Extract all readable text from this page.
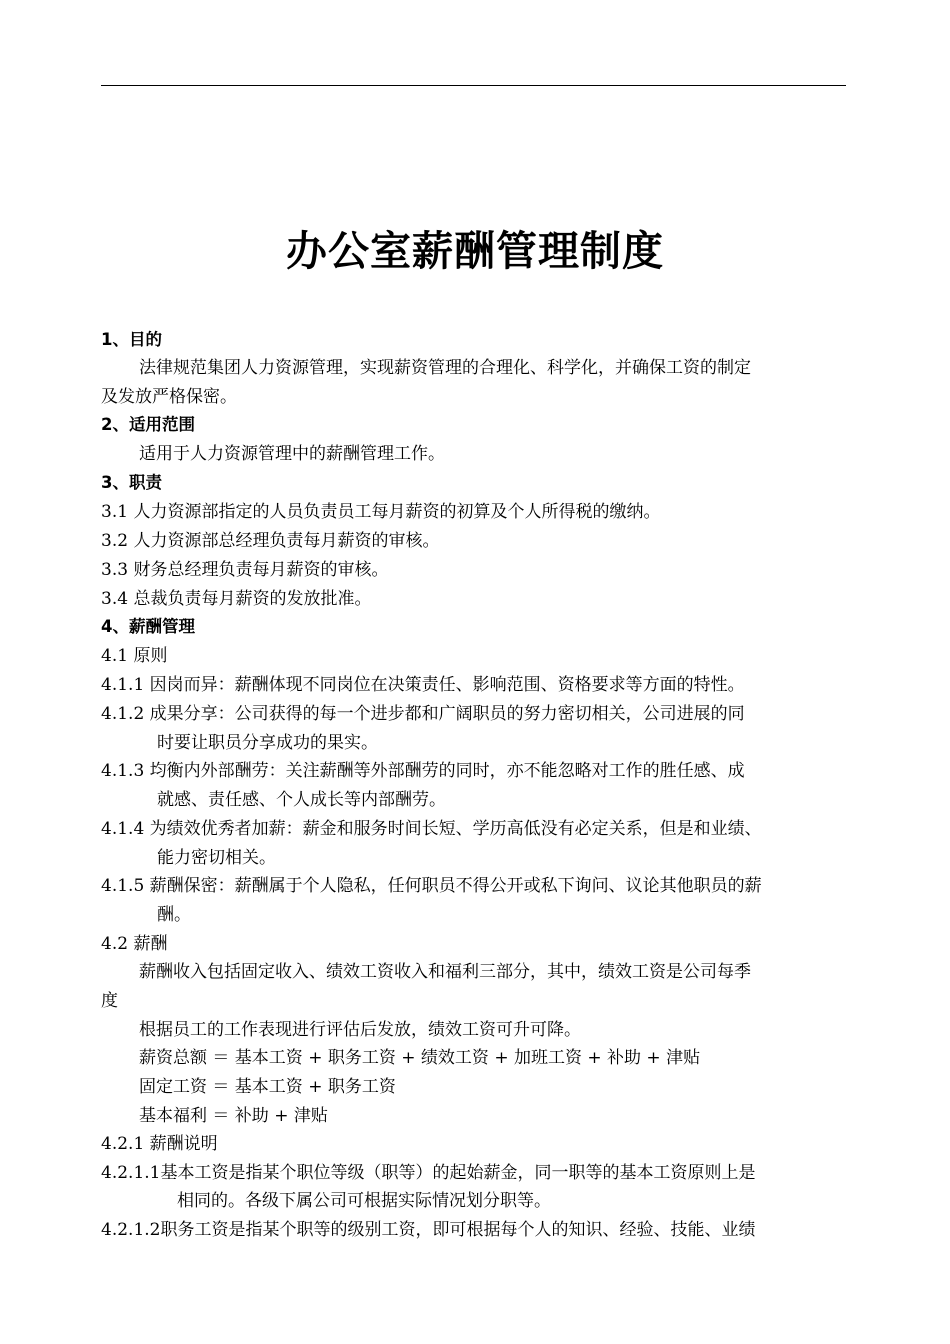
办公室薪酬管理制度
1、目的
法律规范集团人力资源管理，实现薪资管理的合理化、科学化，并确保工资的制定
及发放严格保密。
2、适用范围
适用于人力资源管理中的薪酬管理工作。
3、职责
3.1 人力资源部指定的人员负责员工每月薪资的初算及个人所得税的缴纳。
3.2 人力资源部总经理负责每月薪资的审核。
3.3 财务总经理负责每月薪资的审核。
3.4 总裁负责每月薪资的发放批准。
4、薪酬管理
4.1 原则
4.1.1 因岗而异：薪酬体现不同岗位在决策责任、影响范围、资格要求等方面的特性。
4.1.2 成果分享：公司获得的每一个进步都和广阔职员的努力密切相关，公司进展的同
时要让职员分享成功的果实。
4.1.3 均衡内外部酬劳：关注薪酬等外部酬劳的同时，亦不能忽略对工作的胜任感、成
就感、责任感、个人成长等内部酬劳。
4.1.4 为绩效优秀者加薪：薪金和服务时间长短、学历高低没有必定关系，但是和业绩、
能力密切相关。
4.1.5 薪酬保密：薪酬属于个人隐私，任何职员不得公开或私下询问、议论其他职员的薪
酬。
4.2 薪酬
薪酬收入包括固定收入、绩效工资收入和福利三部分，其中，绩效工资是公司每季
度
根据员工的工作表现进行评估后发放，绩效工资可升可降。
薪资总额 ＝ 基本工资 + 职务工资 + 绩效工资 + 加班工资 + 补助 + 津贴
固定工资 ＝ 基本工资 + 职务工资
基本福利 ＝ 补助 + 津贴
4.2.1 薪酬说明
4.2.1.1基本工资是指某个职位等级（职等）的起始薪金，同一职等的基本工资原则上是
相同的。各级下属公司可根据实际情况划分职等。
4.2.1.2职务工资是指某个职等的级别工资，即可根据每个人的知识、经验、技能、业绩
